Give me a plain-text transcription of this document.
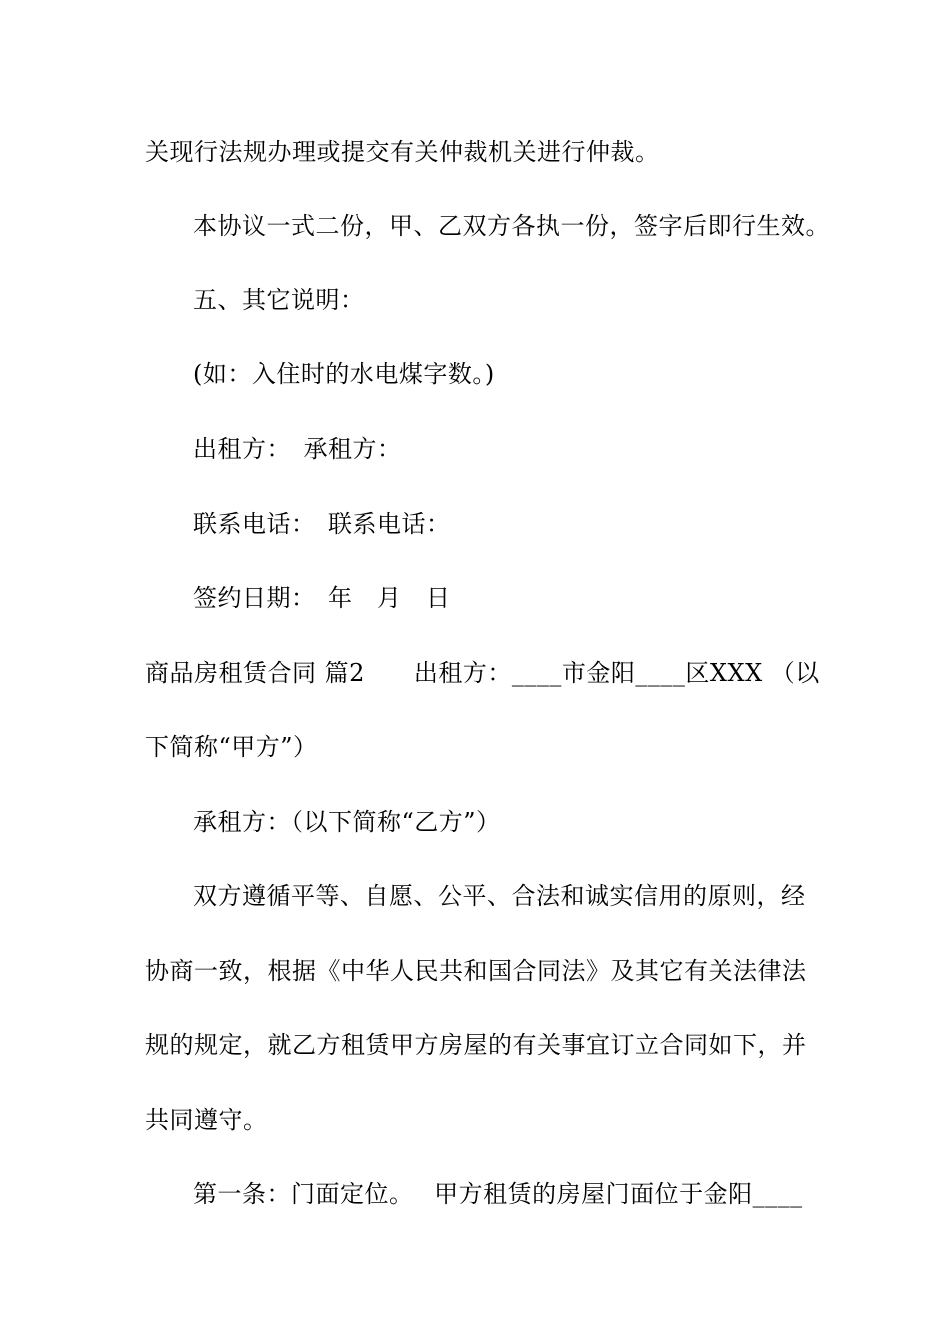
关现行法规办理或提交有关仲裁机关进行仲裁。
本协议一式二份，甲、乙双方各执一份，签字后即行生效。
五、其它说明：
(如：入住时的水电煤字数。)
出租方：　承租方：
联系电话：　联系电话：
签约日期：　年　月　日
商品房租赁合同 篇2　　出租方：____市金阳____区XXX （以
下简称“甲方”）
承租方：（以下简称“乙方”）
双方遵循平等、自愿、公平、合法和诚实信用的原则，经
协商一致，根据《中华人民共和国合同法》及其它有关法律法
规的规定，就乙方租赁甲方房屋的有关事宜订立合同如下，并
共同遵守。
第一条：门面定位。　 甲方租赁的房屋门面位于金阳____
